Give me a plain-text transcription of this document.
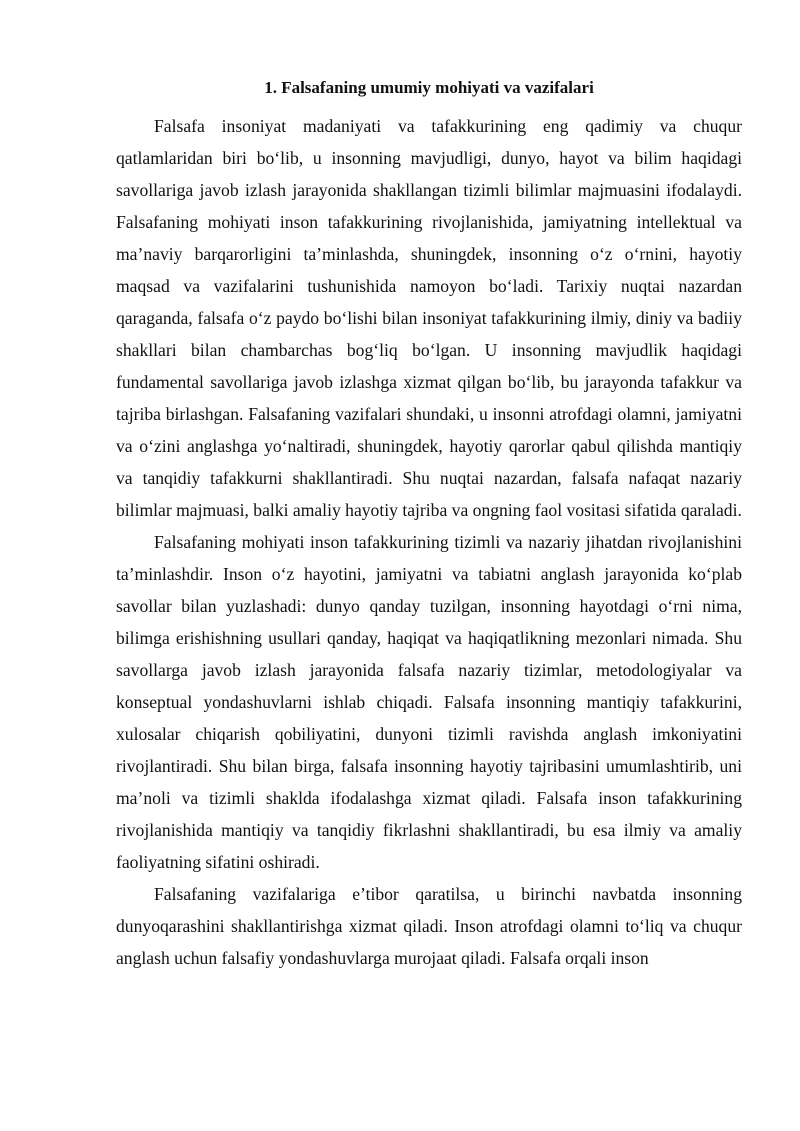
1. Falsafaning umumiy mohiyati va vazifalari

Falsafa insoniyat madaniyati va tafakkurining eng qadimiy va chuqur qatlamlaridan biri bo‘lib, u insonning mavjudligi, dunyo, hayot va bilim haqidagi savollariga javob izlash jarayonida shakllangan tizimli bilimlar majmuasini ifodalaydi. Falsafaning mohiyati inson tafakkurining rivojlanishida, jamiyatning intellektual va ma’naviy barqarorligini ta’minlashda, shuningdek, insonning o‘z o‘rnini, hayotiy maqsad va vazifalarini tushunishida namoyon bo‘ladi. Tarixiy nuqtai nazardan qaraganda, falsafa o‘z paydo bo‘lishi bilan insoniyat tafakkurining ilmiy, diniy va badiiy shakllari bilan chambarchas bog‘liq bo‘lgan. U insonning mavjudlik haqidagi fundamental savollariga javob izlashga xizmat qilgan bo‘lib, bu jarayonda tafakkur va tajriba birlashgan. Falsafaning vazifalari shundaki, u insonni atrofdagi olamni, jamiyatni va o‘zini anglashga yo‘naltiradi, shuningdek, hayotiy qarorlar qabul qilishda mantiqiy va tanqidiy tafakkurni shakllantiradi. Shu nuqtai nazardan, falsafa nafaqat nazariy bilimlar majmuasi, balki amaliy hayotiy tajriba va ongning faol vositasi sifatida qaraladi.

Falsafaning mohiyati inson tafakkurining tizimli va nazariy jihatdan rivojlanishini ta’minlashdir. Inson o‘z hayotini, jamiyatni va tabiatni anglash jarayonida ko‘plab savollar bilan yuzlashadi: dunyo qanday tuzilgan, insonning hayotdagi o‘rni nima, bilimga erishishning usullari qanday, haqiqat va haqiqatlikning mezonlari nimada. Shu savollarga javob izlash jarayonida falsafa nazariy tizimlar, metodologiyalar va konseptual yondashuvlarni ishlab chiqadi. Falsafa insonning mantiqiy tafakkurini, xulosalar chiqarish qobiliyatini, dunyoni tizimli ravishda anglash imkoniyatini rivojlantiradi. Shu bilan birga, falsafa insonning hayotiy tajribasini umumlashtirib, uni ma’noli va tizimli shaklda ifodalashga xizmat qiladi. Falsafa inson tafakkurining rivojlanishida mantiqiy va tanqidiy fikrlashni shakllantiradi, bu esa ilmiy va amaliy faoliyatning sifatini oshiradi.

Falsafaning vazifalariga e’tibor qaratilsa, u birinchi navbatda insonning dunyoqarashini shakllantirishga xizmat qiladi. Inson atrofdagi olamni to‘liq va chuqur anglash uchun falsafiy yondashuvlarga murojaat qiladi. Falsafa orqali inson
